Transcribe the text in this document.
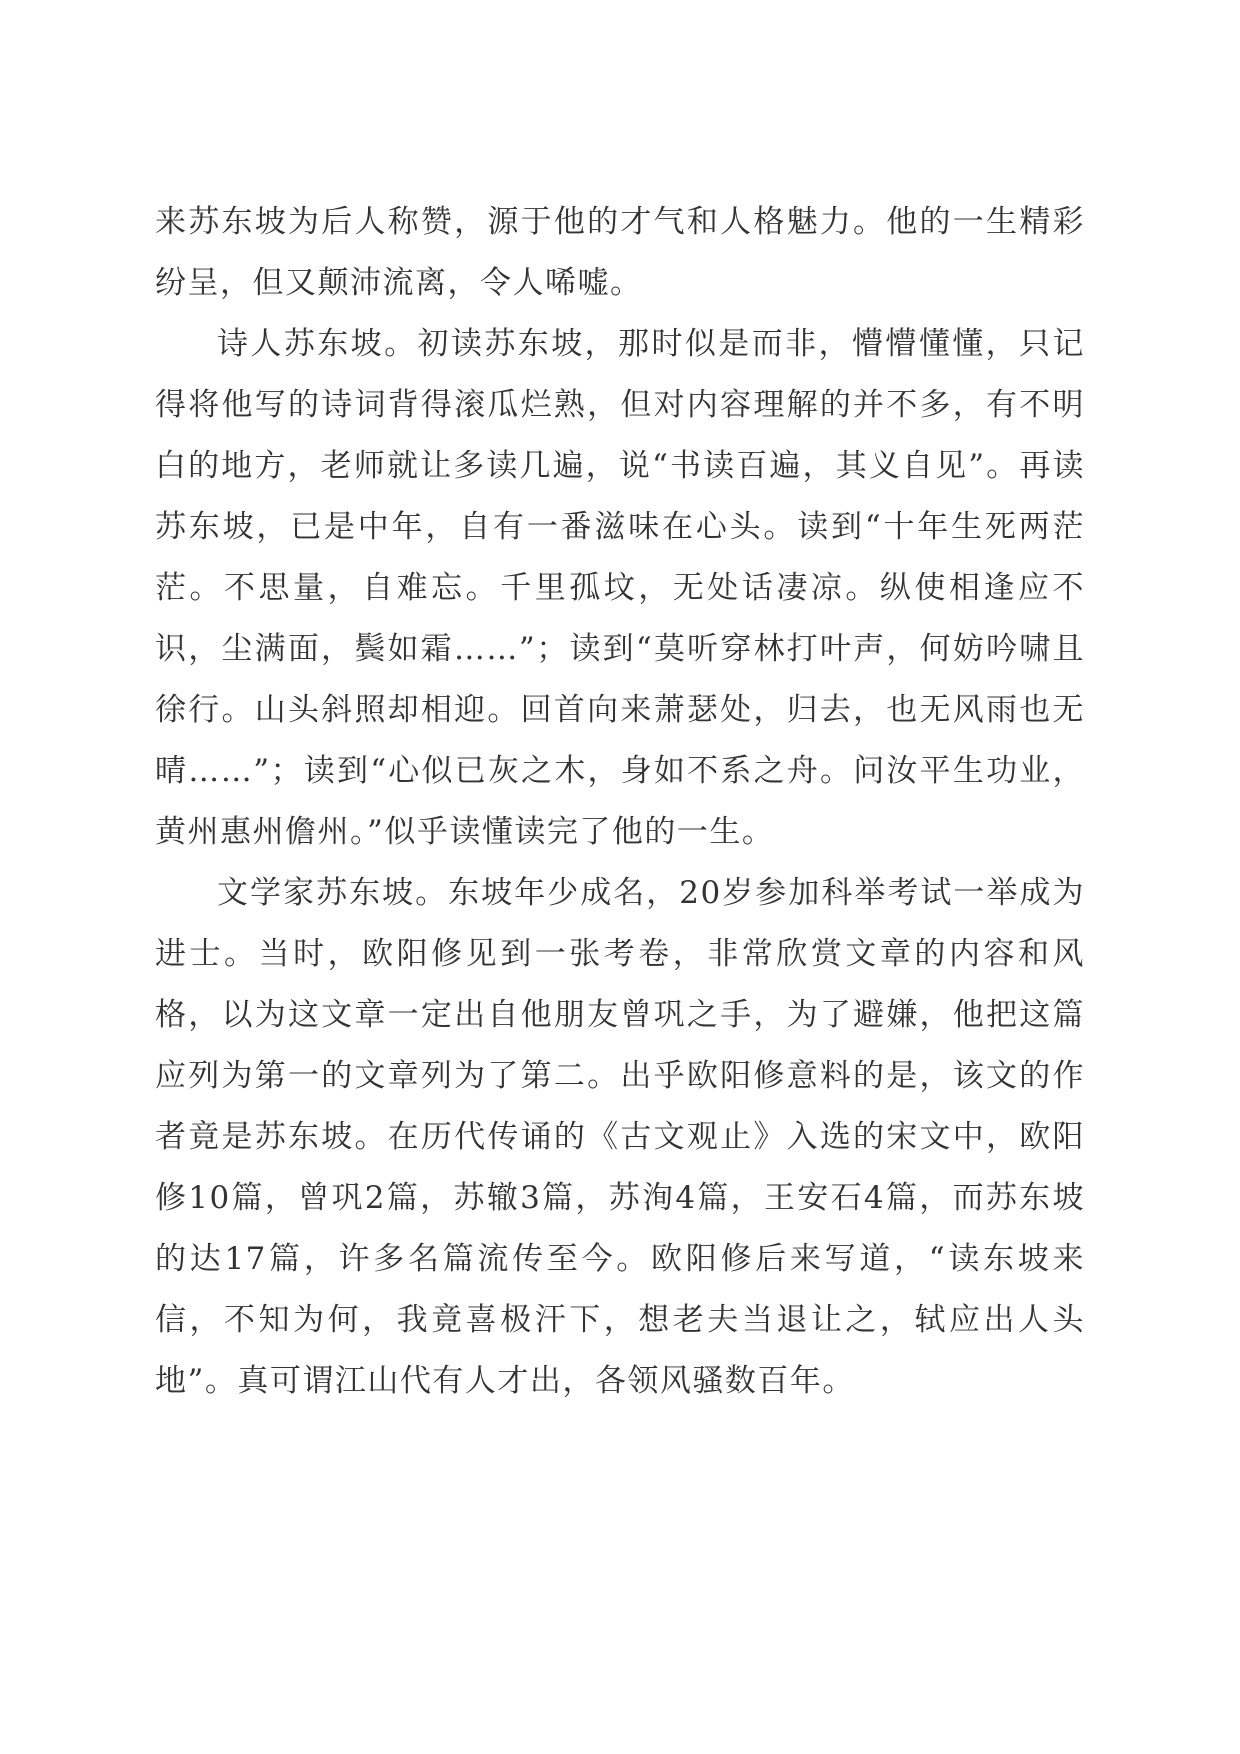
来苏东坡为后人称赞，源于他的才气和人格魅力。他的一生精彩纷呈，但又颠沛流离，令人唏嘘。

诗人苏东坡。初读苏东坡，那时似是而非，懵懵懂懂，只记得将他写的诗词背得滚瓜烂熟，但对内容理解的并不多，有不明白的地方，老师就让多读几遍，说“书读百遍，其义自见”。再读苏东坡，已是中年，自有一番滋味在心头。读到“十年生死两茫茫。不思量，自难忘。千里孤坟，无处话凄凉。纵使相逢应不识，尘满面，鬓如霜……”；读到“莫听穿林打叶声，何妨吟啸且徐行。山头斜照却相迎。回首向来萧瑟处，归去，也无风雨也无晴……”；读到“心似已灰之木，身如不系之舟。问汝平生功业，黄州惠州儋州。”似乎读懂读完了他的一生。

文学家苏东坡。东坡年少成名，20岁参加科举考试一举成为进士。当时，欧阳修见到一张考卷，非常欣赏文章的内容和风格，以为这文章一定出自他朋友曾巩之手，为了避嫌，他把这篇应列为第一的文章列为了第二。出乎欧阳修意料的是，该文的作者竟是苏东坡。在历代传诵的《古文观止》入选的宋文中，欧阳修10篇，曾巩2篇，苏辙3篇，苏洵4篇，王安石4篇，而苏东坡的达17篇，许多名篇流传至今。欧阳修后来写道，“读东坡来信，不知为何，我竟喜极汗下，想老夫当退让之，轼应出人头地”。真可谓江山代有人才出，各领风骚数百年。
